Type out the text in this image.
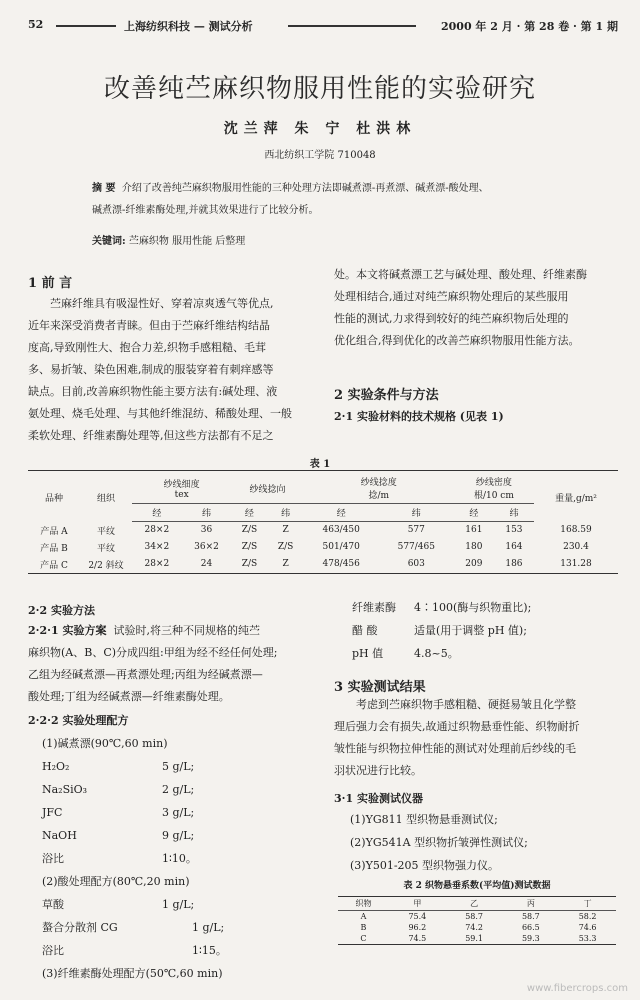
52	上海纺织科技 — 测试分析	2000 年 2 月 · 第 28 卷 · 第 1 期
改善纯苎麻织物服用性能的实验研究
沈兰萍 朱 宁 杜洪林
西北纺织工学院 710048
摘 要 介绍了改善纯苎麻织物服用性能的三种处理方法即碱煮漂-再煮漂、碱煮漂-酸处理、
碱煮漂-纤维素酶处理,并就其效果进行了比较分析。
关键词: 苎麻织物 服用性能 后整理
1 前 言
苎麻纤维具有吸湿性好、穿着凉爽透气等优点,
近年来深受消费者青睐。但由于苎麻纤维结构结晶
度高,导致刚性大、抱合力差,织物手感粗糙、毛茸
多、易折皱、染色困难,制成的服装穿着有刺痒感等
缺点。目前,改善麻织物性能主要方法有:碱处理、液
氨处理、烧毛处理、与其他纤维混纺、稀酸处理、一般
柔软处理、纤维素酶处理等,但这些方法都有不足之
处。本文将碱煮漂工艺与碱处理、酸处理、纤维素酶
处理相结合,通过对纯苎麻织物处理后的某些服用
性能的测试,力求得到较好的纯苎麻织物后处理的
优化组合,得到优化的改善苎麻织物服用性能方法。
2 实验条件与方法
2·1 实验材料的技术规格 (见表 1)
表 1

品种	组织	纱线细度
tex		纱线捻向		纱线捻度
捻/m		纱线密度
根/10 cm		重量,g/m²
		经	纬	经	纬	经	纬	经	纬	
产品 A	平纹	28×2	36	Z/S	Z	463/450	577	161	153	168.59
产品 B	平纹	34×2	36×2	Z/S	Z/S	501/470	577/465	180	164	230.4
产品 C	2/2 斜纹	28×2	24	Z/S	Z	478/456	603	209	186	131.28
2·2 实验方法
2·2·1 实验方案 试验时,将三种不同规格的纯苎
麻织物(A、B、C)分成四组:甲组为经不经任何处理;
乙组为经碱煮漂—再煮漂处理;丙组为经碱煮漂—
酸处理;丁组为经碱煮漂—纤维素酶处理。
2·2·2 实验处理配方
(1)碱煮漂(90℃,60 min)
H₂O₂	5 g/L;
Na₂SiO₃	2 g/L;
JFC	3 g/L;
NaOH	9 g/L;
浴比	1∶10。
(2)酸处理配方(80℃,20 min)
草酸	1 g/L;
螯合分散剂 CG	1 g/L;
浴比	1∶15。
(3)纤维素酶处理配方(50℃,60 min)
纤维素酶 4∶100(酶与织物重比);
醋 酸	适量(用于调整 pH 值);
pH 值	4.8~5。
3 实验测试结果
考虑到苎麻织物手感粗糙、硬挺易皱且化学整
理后强力会有损失,故通过织物悬垂性能、织物耐折
皱性能与织物拉伸性能的测试对处理前后纱线的毛
羽状况进行比较。
3·1 实验测试仪器
(1)YG811 型织物悬垂测试仪;
(2)YG541A 型织物折皱弹性测试仪;
(3)Y501-205 型织物强力仪。
表 2 织物悬垂系数(平均值)测试数据
织物	甲	乙	丙	丁
A	75.4	58.7	58.7	58.2
B	96.2	74.2	66.5	74.6
C	74.5	59.1	59.3	53.3
www.fibercrops.com
